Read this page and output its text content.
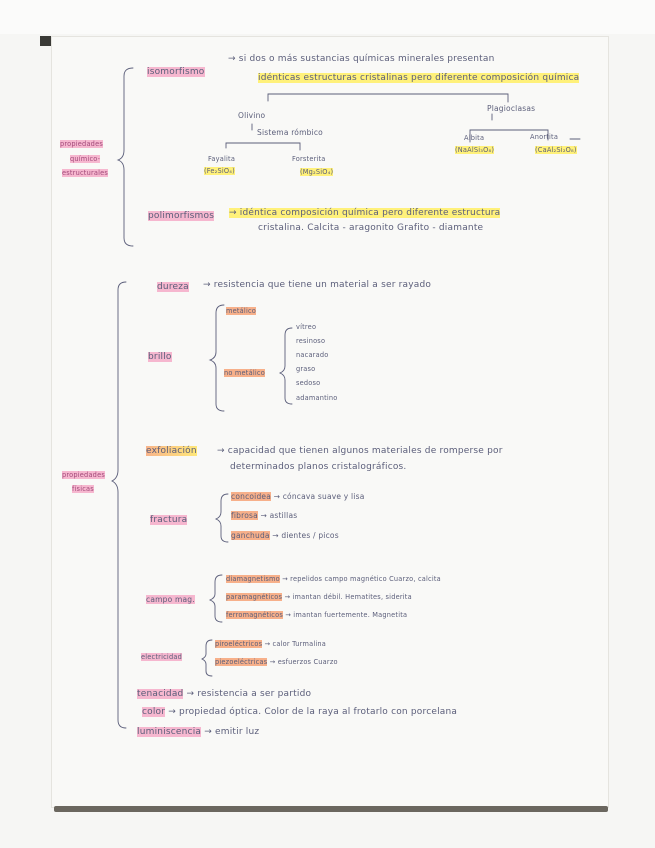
propiedades
químico-
estructurales
isomorfismo
→ si dos o más sustancias químicas minerales presentan
idénticas estructuras cristalinas pero diferente composición química
Olivino
Sistema rómbico
Fayalita
(Fe₂SiO₄)
Forsterita
(Mg₂SiO₄)
Plagioclasas
Albita
(NaAlSi₃O₈)
Anortita
(CaAl₂Si₂O₈)
polimorfismos → idéntica composición química pero diferente estructura
cristalina. Calcita - aragonito Grafito - diamante
propiedades
físicas
dureza → resistencia que tiene un material a ser rayado
brillo
metálico
no metálico
vítreo
resinoso
nacarado
graso
sedoso
adamantino
exfoliación → capacidad que tienen algunos materiales de romperse por
determinados planos cristalográficos.
fractura
concoidea → cóncava suave y lisa
fibrosa → astillas
ganchuda → dientes / picos
campo mag.
diamagnetismo → repelidos campo magnético Cuarzo, calcita
paramagnéticos → imantan débil. Hematites, siderita
ferromagnéticos → imantan fuertemente. Magnetita
electricidad
piroeléctricos → calor Turmalina
piezoeléctricas → esfuerzos Cuarzo
tenacidad → resistencia a ser partido
color → propiedad óptica. Color de la raya al frotarlo con porcelana
luminiscencia → emitir luz
